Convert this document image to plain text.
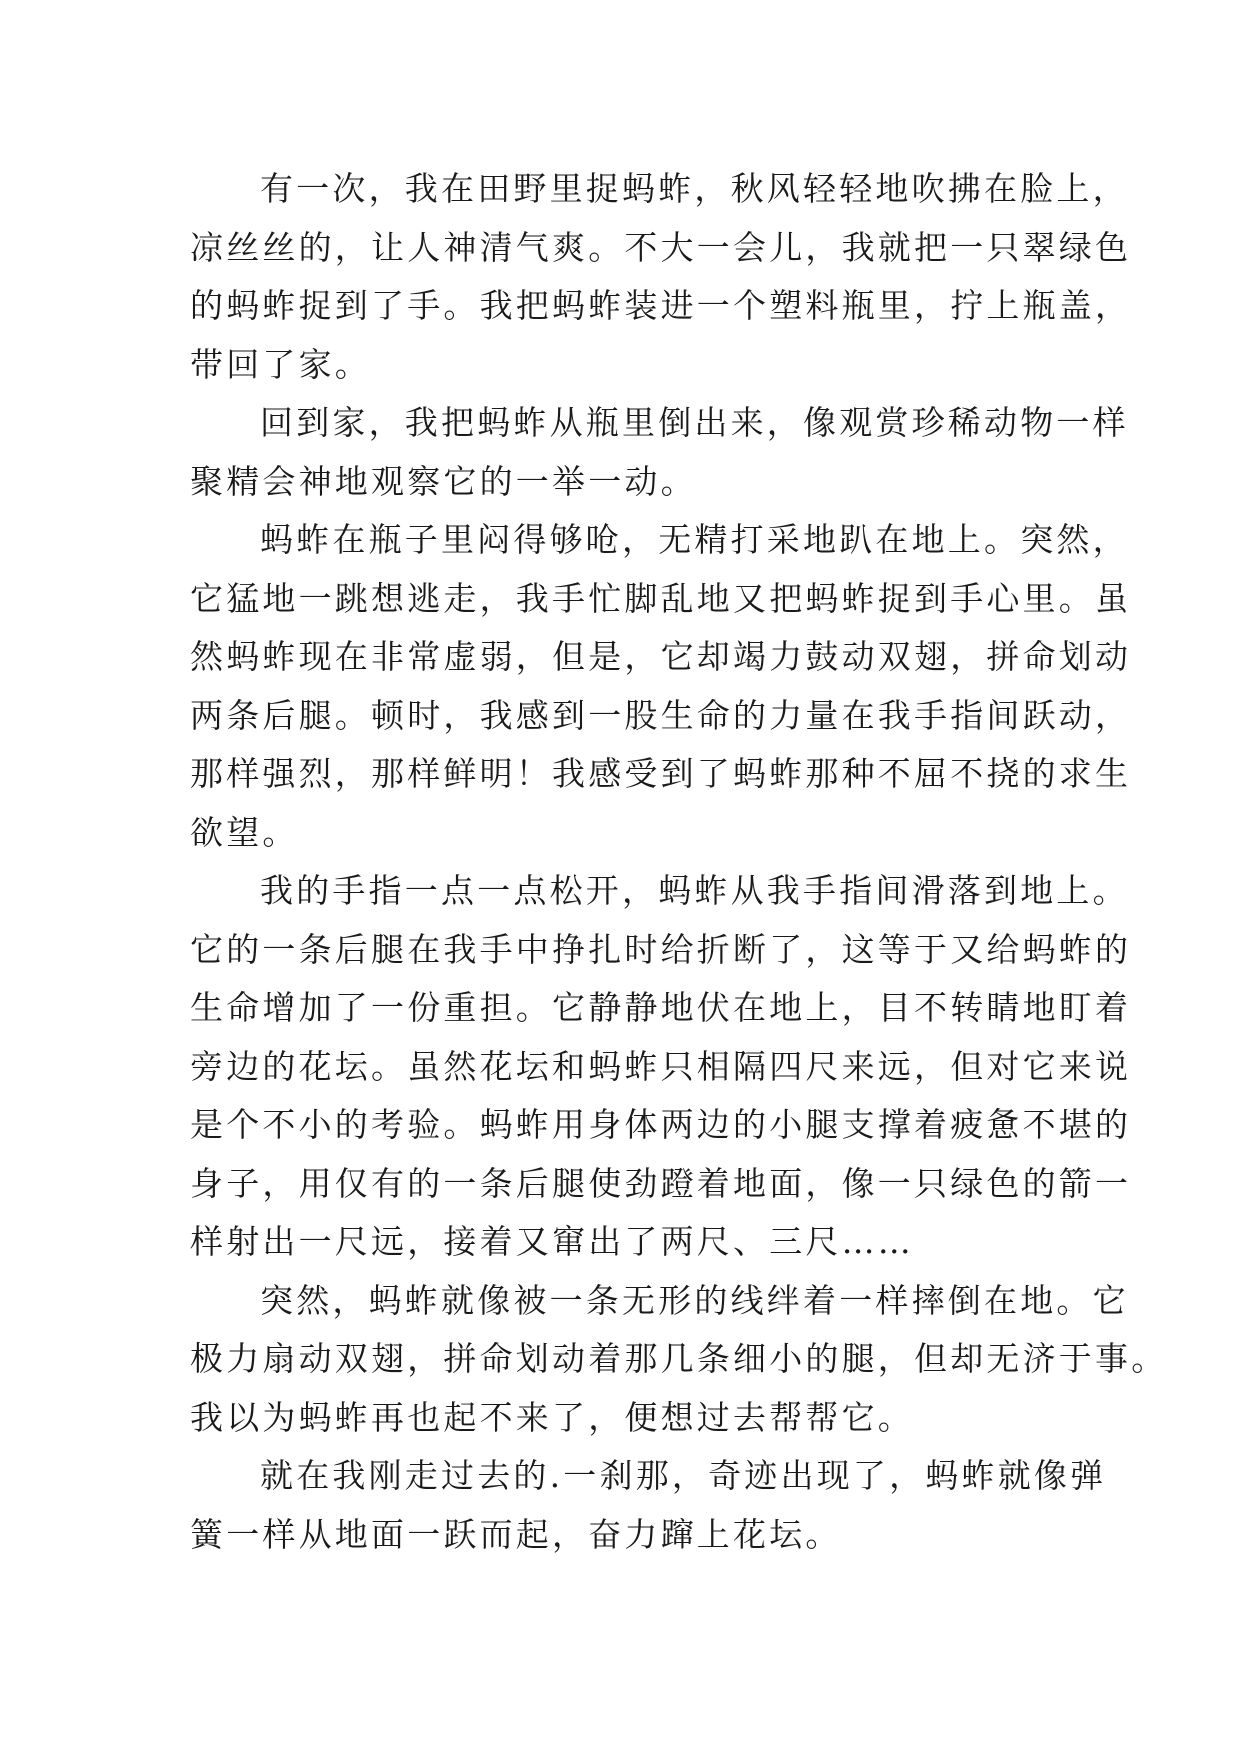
有一次，我在田野里捉蚂蚱，秋风轻轻地吹拂在脸上，
凉丝丝的，让人神清气爽。不大一会儿，我就把一只翠绿色
的蚂蚱捉到了手。我把蚂蚱装进一个塑料瓶里，拧上瓶盖，
带回了家。
回到家，我把蚂蚱从瓶里倒出来，像观赏珍稀动物一样
聚精会神地观察它的一举一动。
蚂蚱在瓶子里闷得够呛，无精打采地趴在地上。突然，
它猛地一跳想逃走，我手忙脚乱地又把蚂蚱捉到手心里。虽
然蚂蚱现在非常虚弱，但是，它却竭力鼓动双翅，拼命划动
两条后腿。顿时，我感到一股生命的力量在我手指间跃动，
那样强烈，那样鲜明！我感受到了蚂蚱那种不屈不挠的求生
欲望。
我的手指一点一点松开，蚂蚱从我手指间滑落到地上。
它的一条后腿在我手中挣扎时给折断了，这等于又给蚂蚱的
生命增加了一份重担。它静静地伏在地上，目不转睛地盯着
旁边的花坛。虽然花坛和蚂蚱只相隔四尺来远，但对它来说
是个不小的考验。蚂蚱用身体两边的小腿支撑着疲惫不堪的
身子，用仅有的一条后腿使劲蹬着地面，像一只绿色的箭一
样射出一尺远，接着又窜出了两尺、三尺……
突然，蚂蚱就像被一条无形的线绊着一样摔倒在地。它
极力扇动双翅，拼命划动着那几条细小的腿，但却无济于事。
我以为蚂蚱再也起不来了，便想过去帮帮它。
就在我刚走过去的.一刹那，奇迹出现了，蚂蚱就像弹
簧一样从地面一跃而起，奋力蹿上花坛。
